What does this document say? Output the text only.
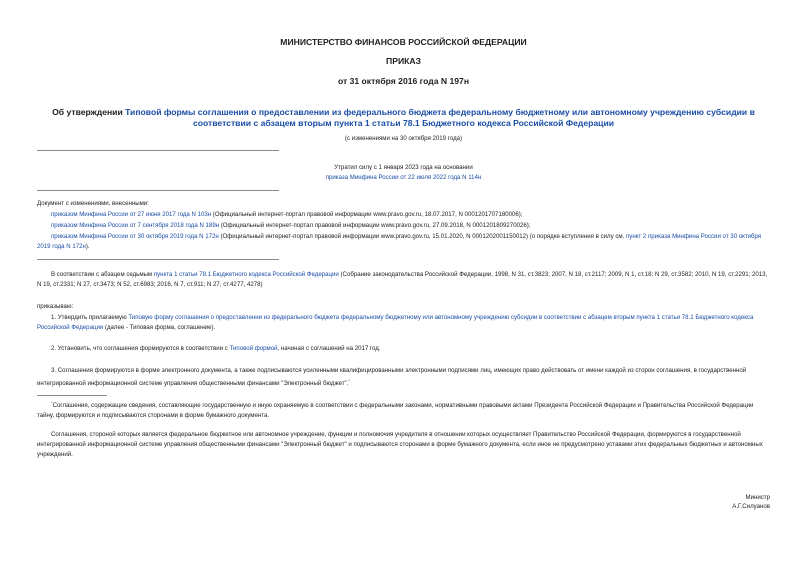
МИНИСТЕРСТВО ФИНАНСОВ РОССИЙСКОЙ ФЕДЕРАЦИИ
ПРИКАЗ
от 31 октября 2016 года N 197н
Об утверждении Типовой формы соглашения о предоставлении из федерального бюджета федеральному бюджетному или автономному учреждению субсидии в соответствии с абзацем вторым пункта 1 статьи 78.1 Бюджетного кодекса Российской Федерации
(с изменениями на 30 октября 2019 года)
Утратил силу с 1 января 2023 года на основании
приказа Минфина России от 22 июля 2022 года N 114н
Документ с изменениями, внесенными:
приказом Минфина России от 27 июня 2017 года N 103н (Официальный интернет-портал правовой информации www.pravo.gov.ru, 18.07.2017, N 0001201707180006);
приказом Минфина России от 7 сентября 2018 года N 189н (Официальный интернет-портал правовой информации www.pravo.gov.ru, 27.09.2018, N 0001201809270026);
приказом Минфина России от 30 октября 2019 года N 172н (Официальный интернет-портал правовой информации www.pravo.gov.ru, 15.01.2020, N 0001202001150012) (о порядке вступления в силу см. пункт 2 приказа Минфина России от 30 октября 2019 года N 172н).
В соответствии с абзацем седьмым пункта 1 статьи 78.1 Бюджетного кодекса Российской Федерации (Собрание законодательства Российской Федерации, 1998, N 31, ст.3823; 2007, N 18, ст.2117; 2009, N 1, ст.18; N 29, ст.3582; 2010, N 19, ст.2291; 2013, N 19, ст.2331; N 27, ст.3473; N 52, ст.6983; 2016, N 7, ст.911; N 27, ст.4277, 4278)
приказываю:
1. Утвердить прилагаемую Типовую форму соглашения о предоставлении из федерального бюджета федеральному бюджетному или автономному учреждению субсидии в соответствии с абзацем вторым пункта 1 статьи 78.1 Бюджетного кодекса Российской Федерации (далее - Типовая форма, соглашение).
2. Установить, что соглашения формируются в соответствии с Типовой формой, начиная с соглашений на 2017 год.
3. Соглашения формируются в форме электронного документа, а также подписываются усиленными квалифицированными электронными подписями лиц, имеющих право действовать от имени каждой из сторон соглашения, в государственной интегрированной информационной системе управления общественными финансами "Электронный бюджет".*
*Соглашения, содержащие сведения, составляющие государственную и иную охраняемую в соответствии с федеральными законами, нормативными правовыми актами Президента Российской Федерации и Правительства Российской Федерации тайну, формируются и подписываются сторонами в форме бумажного документа.
Соглашения, стороной которых является федеральное бюджетное или автономное учреждение, функции и полномочия учредителя в отношении которых осуществляет Правительство Российской Федерации, формируются в государственной интегрированной информационной системе управления общественными финансами "Электронный бюджет" и подписываются сторонами в форме бумажного документа, если иное не предусмотрено уставами этих федеральных бюджетных и автономных учреждений.
Министр
А.Г.Силуанов
